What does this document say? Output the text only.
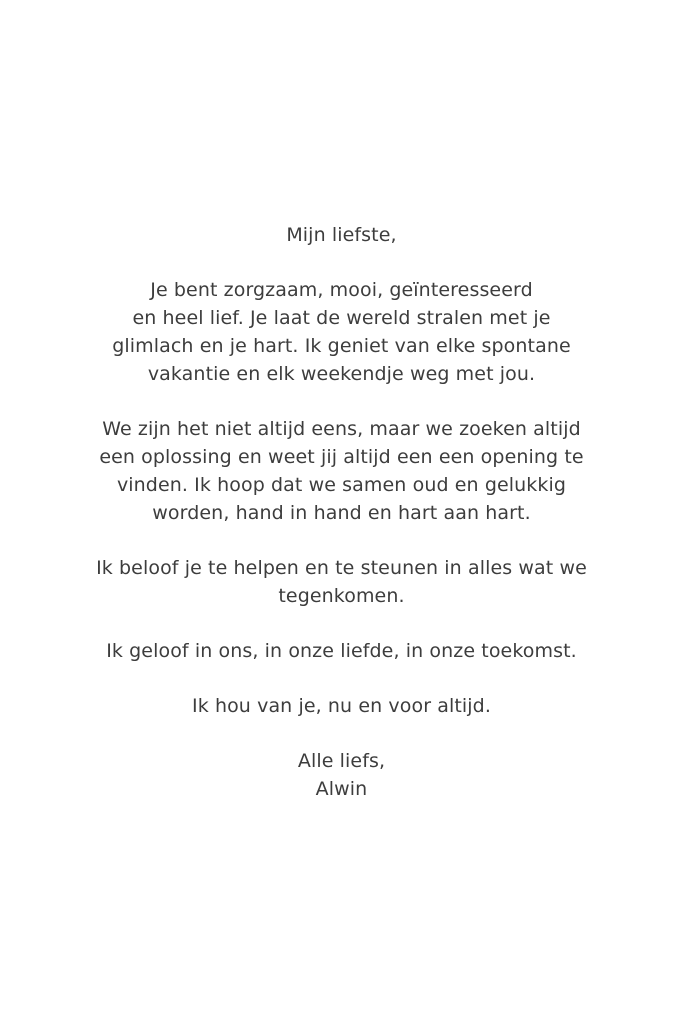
Mijn liefste,
Je bent zorgzaam, mooi, geïnteresseerd
en heel lief. Je laat de wereld stralen met je
glimlach en je hart. Ik geniet van elke spontane
vakantie en elk weekendje weg met jou.
We zijn het niet altijd eens, maar we zoeken altijd
een oplossing en weet jij altijd een een opening te
vinden. Ik hoop dat we samen oud en gelukkig
worden, hand in hand en hart aan hart.
Ik beloof je te helpen en te steunen in alles wat we
tegenkomen.
Ik geloof in ons, in onze liefde, in onze toekomst.
Ik hou van je, nu en voor altijd.
Alle liefs,
Alwin
